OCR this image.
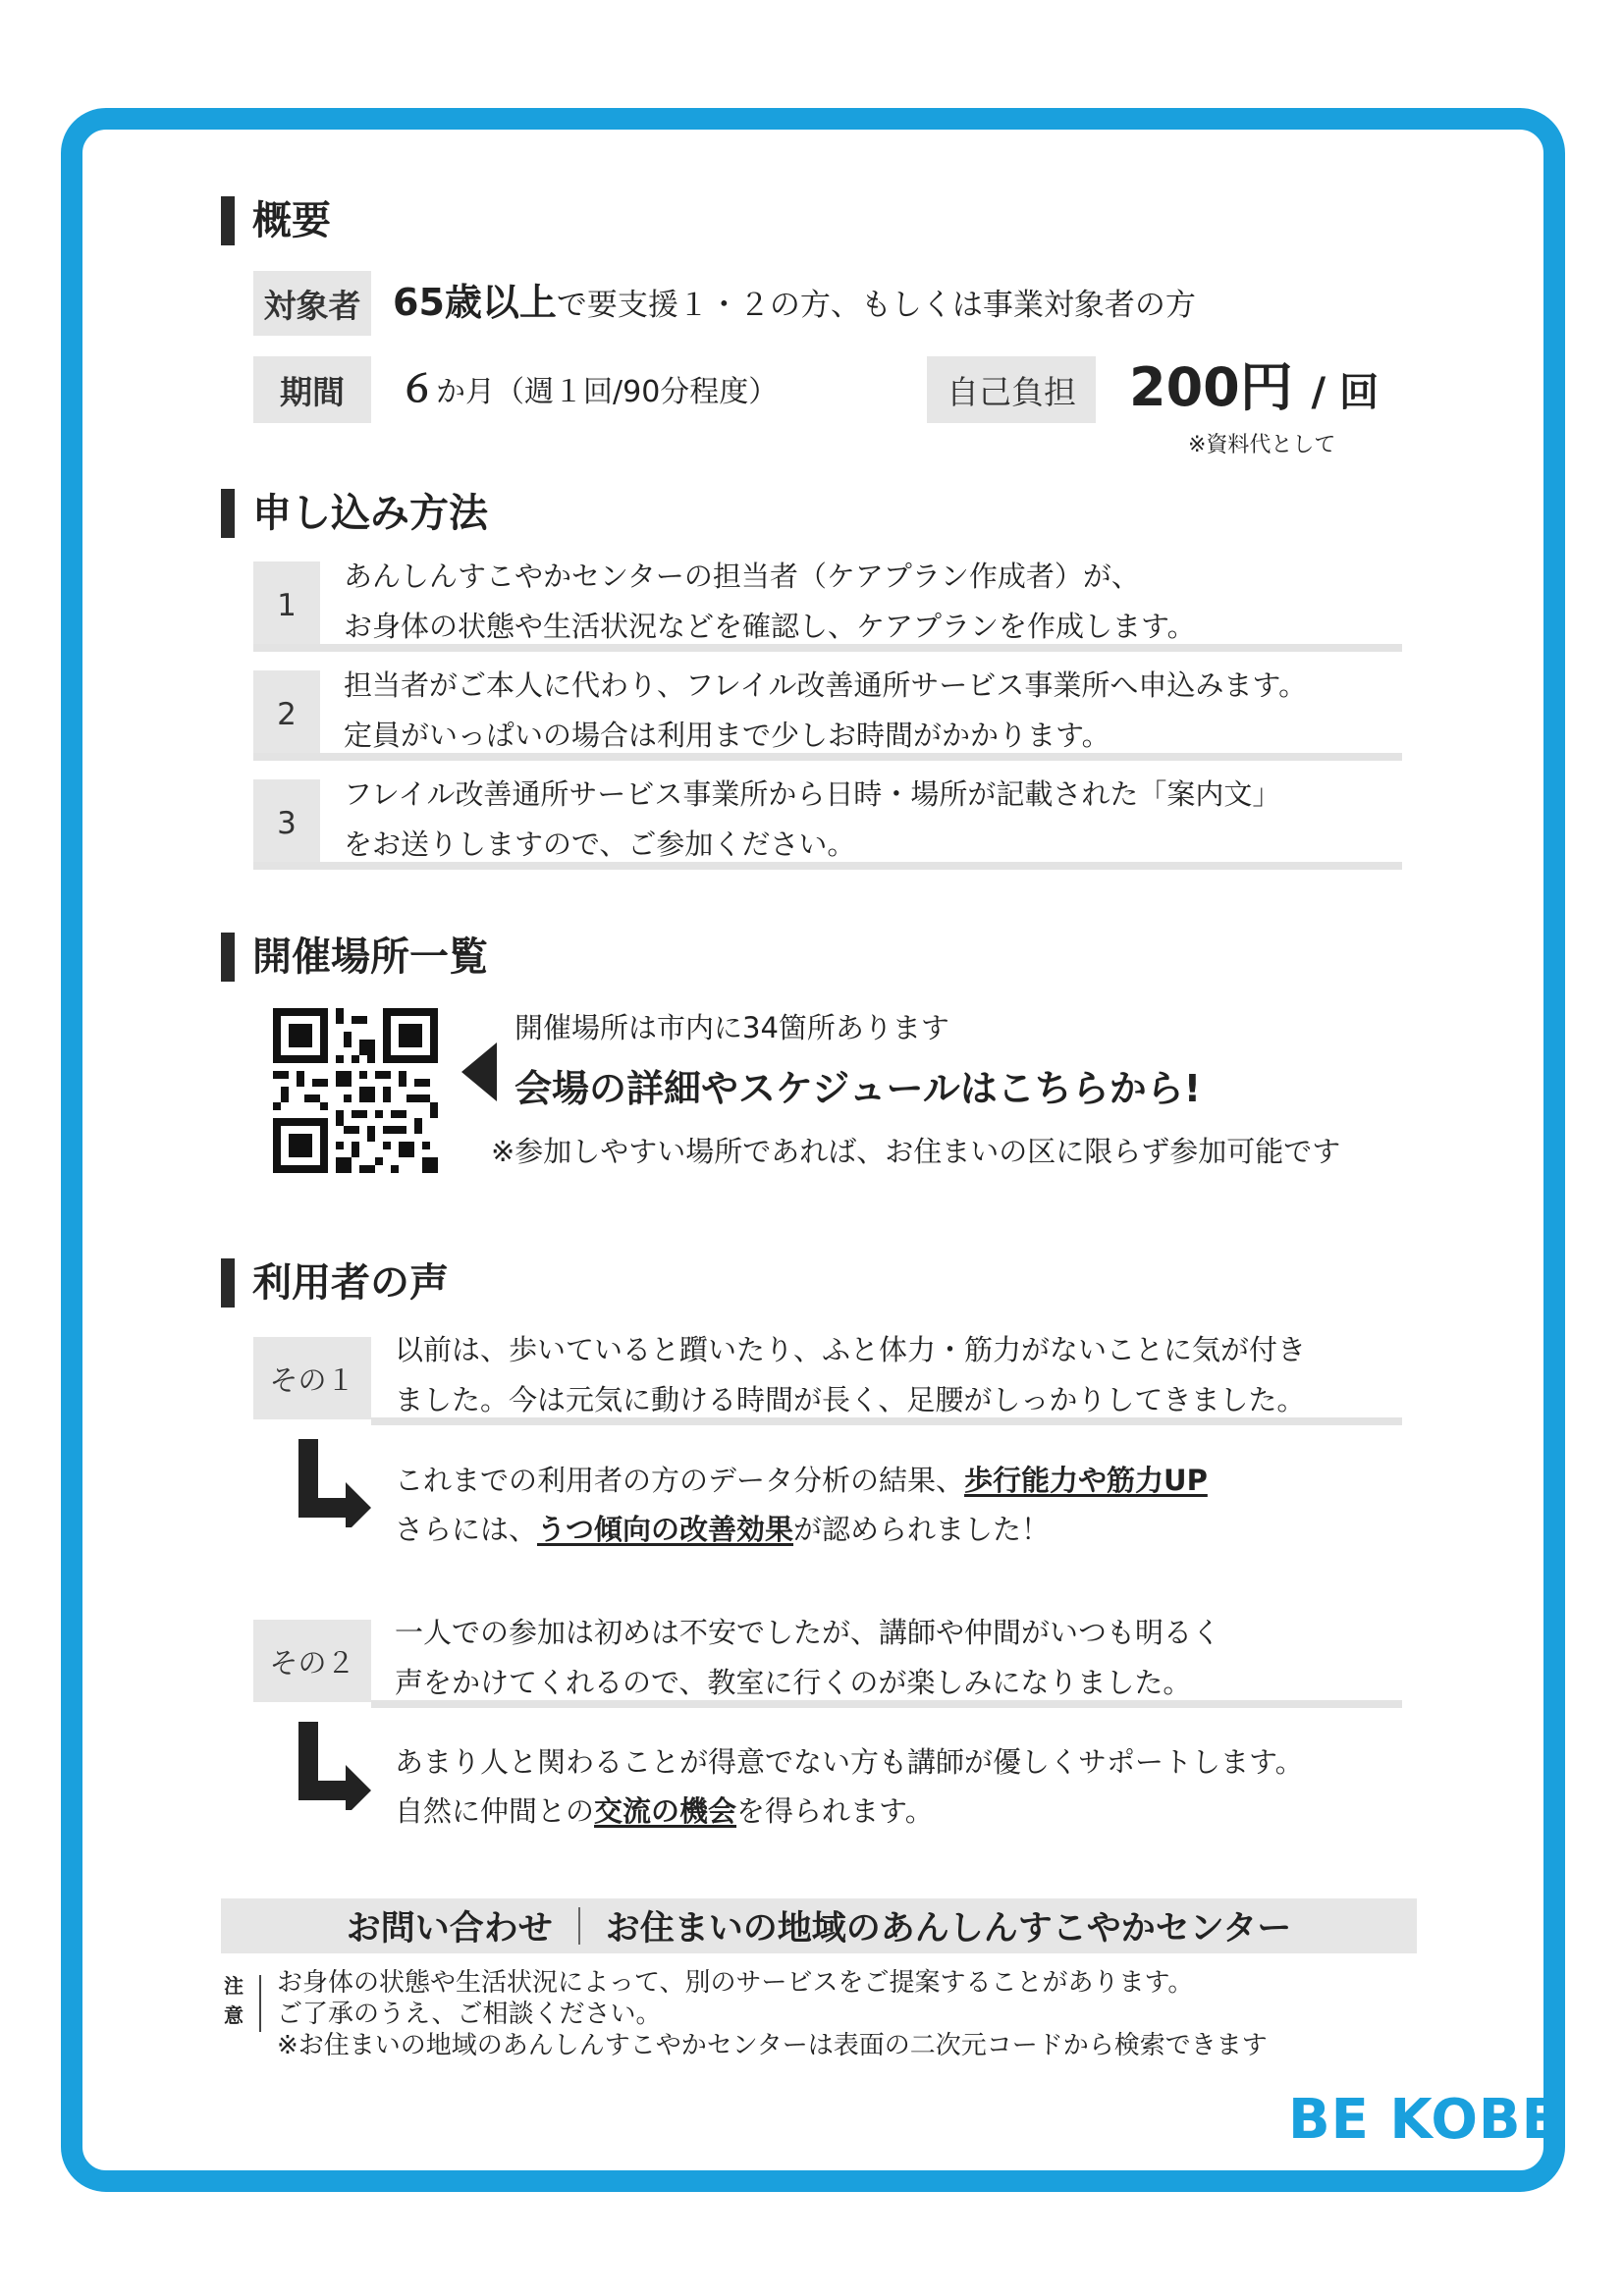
概要
対象者 65歳以上で要支援１・２の方、もしくは事業対象者の方
期間	６か月（週１回/90分程度）	自己負担	200円 / 回
※資料代として
申し込み方法
1
あんしんすこやかセンターの担当者（ケアプラン作成者）が、
お身体の状態や生活状況などを確認し、ケアプランを作成します。
2
担当者がご本人に代わり、フレイル改善通所サービス事業所へ申込みます。
定員がいっぱいの場合は利用まで少しお時間がかかります。
3
フレイル改善通所サービス事業所から日時・場所が記載された「案内文」
をお送りしますので、ご参加ください。
開催場所一覧
開催場所は市内に34箇所あります
会場の詳細やスケジュールはこちらから!
※参加しやすい場所であれば、お住まいの区に限らず参加可能です
利用者の声
その１
以前は、歩いていると躓いたり、ふと体力・筋力がないことに気が付き
ました。今は元気に動ける時間が長く、足腰がしっかりしてきました。
これまでの利用者の方のデータ分析の結果、歩行能力や筋力UP
さらには、うつ傾向の改善効果が認められました！
その２
一人での参加は初めは不安でしたが、講師や仲間がいつも明るく
声をかけてくれるので、教室に行くのが楽しみになりました。
あまり人と関わることが得意でない方も講師が優しくサポートします。
自然に仲間との交流の機会を得られます。
お問い合わせ お住まいの地域のあんしんすこやかセンター
注
意
お身体の状態や生活状況によって、別のサービスをご提案することがあります。
ご了承のうえ、ご相談ください。
※お住まいの地域のあんしんすこやかセンターは表面の二次元コードから検索できます
BE KOBE
